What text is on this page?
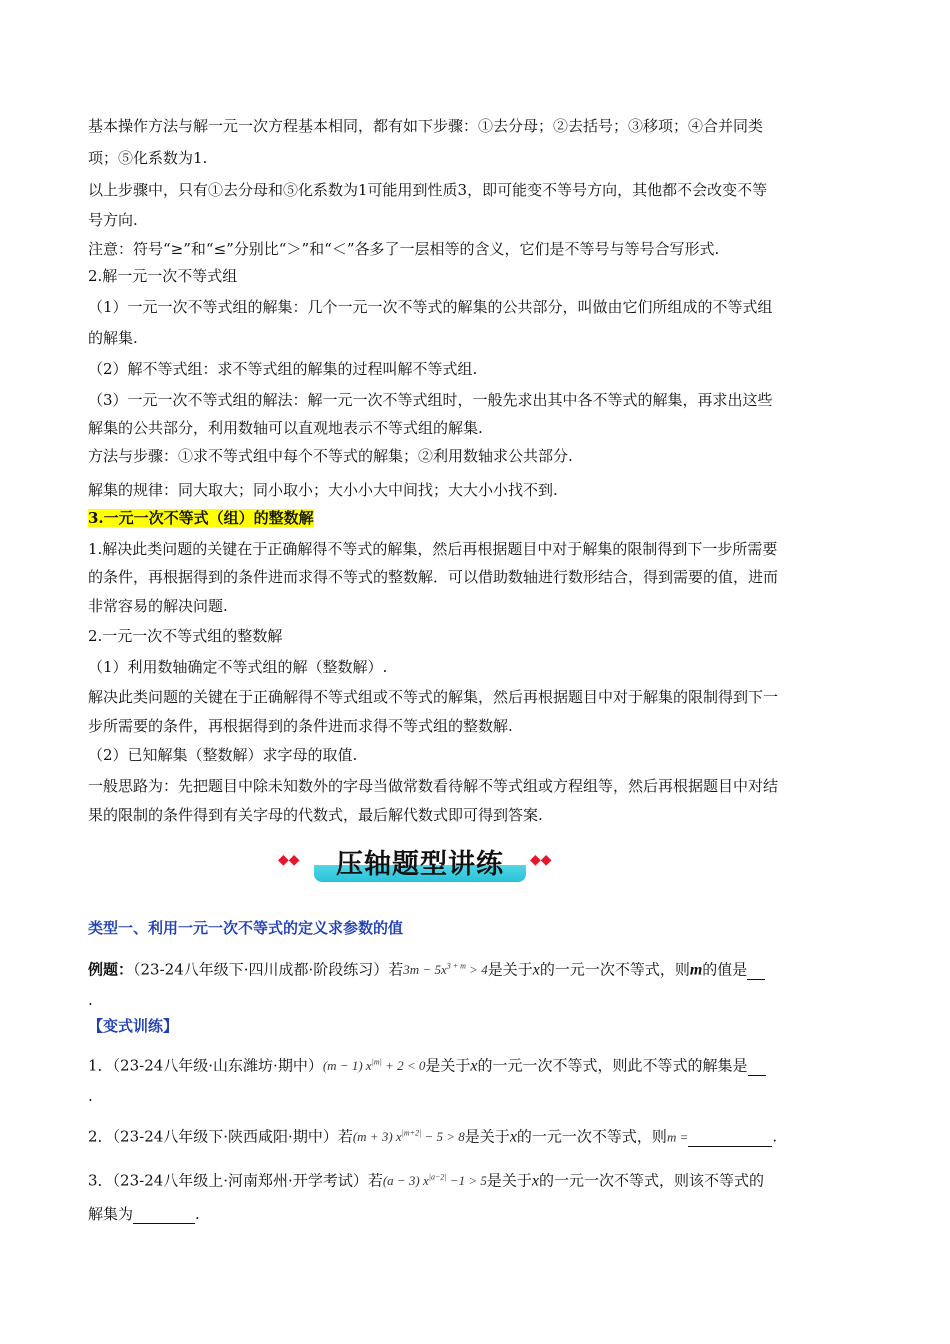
基本操作方法与解一元一次方程基本相同，都有如下步骤：①去分母；②去括号；③移项；④合并同类
项；⑤化系数为1.
以上步骤中，只有①去分母和⑤化系数为1可能用到性质3，即可能变不等号方向，其他都不会改变不等
号方向.
注意：符号“≥”和“≤”分别比“＞”和“＜”各多了一层相等的含义，它们是不等号与等号合写形式.
2.解一元一次不等式组
（1）一元一次不等式组的解集：几个一元一次不等式的解集的公共部分，叫做由它们所组成的不等式组
的解集.
（2）解不等式组：求不等式组的解集的过程叫解不等式组.
（3）一元一次不等式组的解法：解一元一次不等式组时，一般先求出其中各不等式的解集，再求出这些
解集的公共部分，利用数轴可以直观地表示不等式组的解集.
方法与步骤：①求不等式组中每个不等式的解集；②利用数轴求公共部分.
解集的规律：同大取大；同小取小；大小小大中间找；大大小小找不到.
3.一元一次不等式（组）的整数解
1.解决此类问题的关键在于正确解得不等式的解集，然后再根据题目中对于解集的限制得到下一步所需要
的条件，再根据得到的条件进而求得不等式的整数解．可以借助数轴进行数形结合，得到需要的值，进而
非常容易的解决问题.
2.一元一次不等式组的整数解
（1）利用数轴确定不等式组的解（整数解）.
解决此类问题的关键在于正确解得不等式组或不等式的解集，然后再根据题目中对于解集的限制得到下一
步所需要的条件，再根据得到的条件进而求得不等式组的整数解.
（2）已知解集（整数解）求字母的取值.
一般思路为：先把题目中除未知数外的字母当做常数看待解不等式组或方程组等，然后再根据题目中对结
果的限制的条件得到有关字母的代数式，最后解代数式即可得到答案.
◆◆	压轴题型讲练	◆◆
类型一、利用一元一次不等式的定义求参数的值
例题：（23-24八年级下·四川成都·阶段练习）若$3m - 5x^{3 + m} > 4$是关于x的一元一次不等式，则m的值是
.
【变式训练】
1．（23-24八年级·山东潍坊·期中）(m − 1) $x^{|m|} + 2 < 0$是关于x的一元一次不等式，则此不等式的解集是
.
2．（23-24八年级下·陕西咸阳·期中）若(m + 3) $x^{|m+2|} - 5 > 8$是关于x的一元一次不等式，则m =	.
3．（23-24八年级上·河南郑州·开学考试）若(a − 3) $x^{|a-2|} -1 > 5$是关于x的一元一次不等式，则该不等式的
解集为	.
